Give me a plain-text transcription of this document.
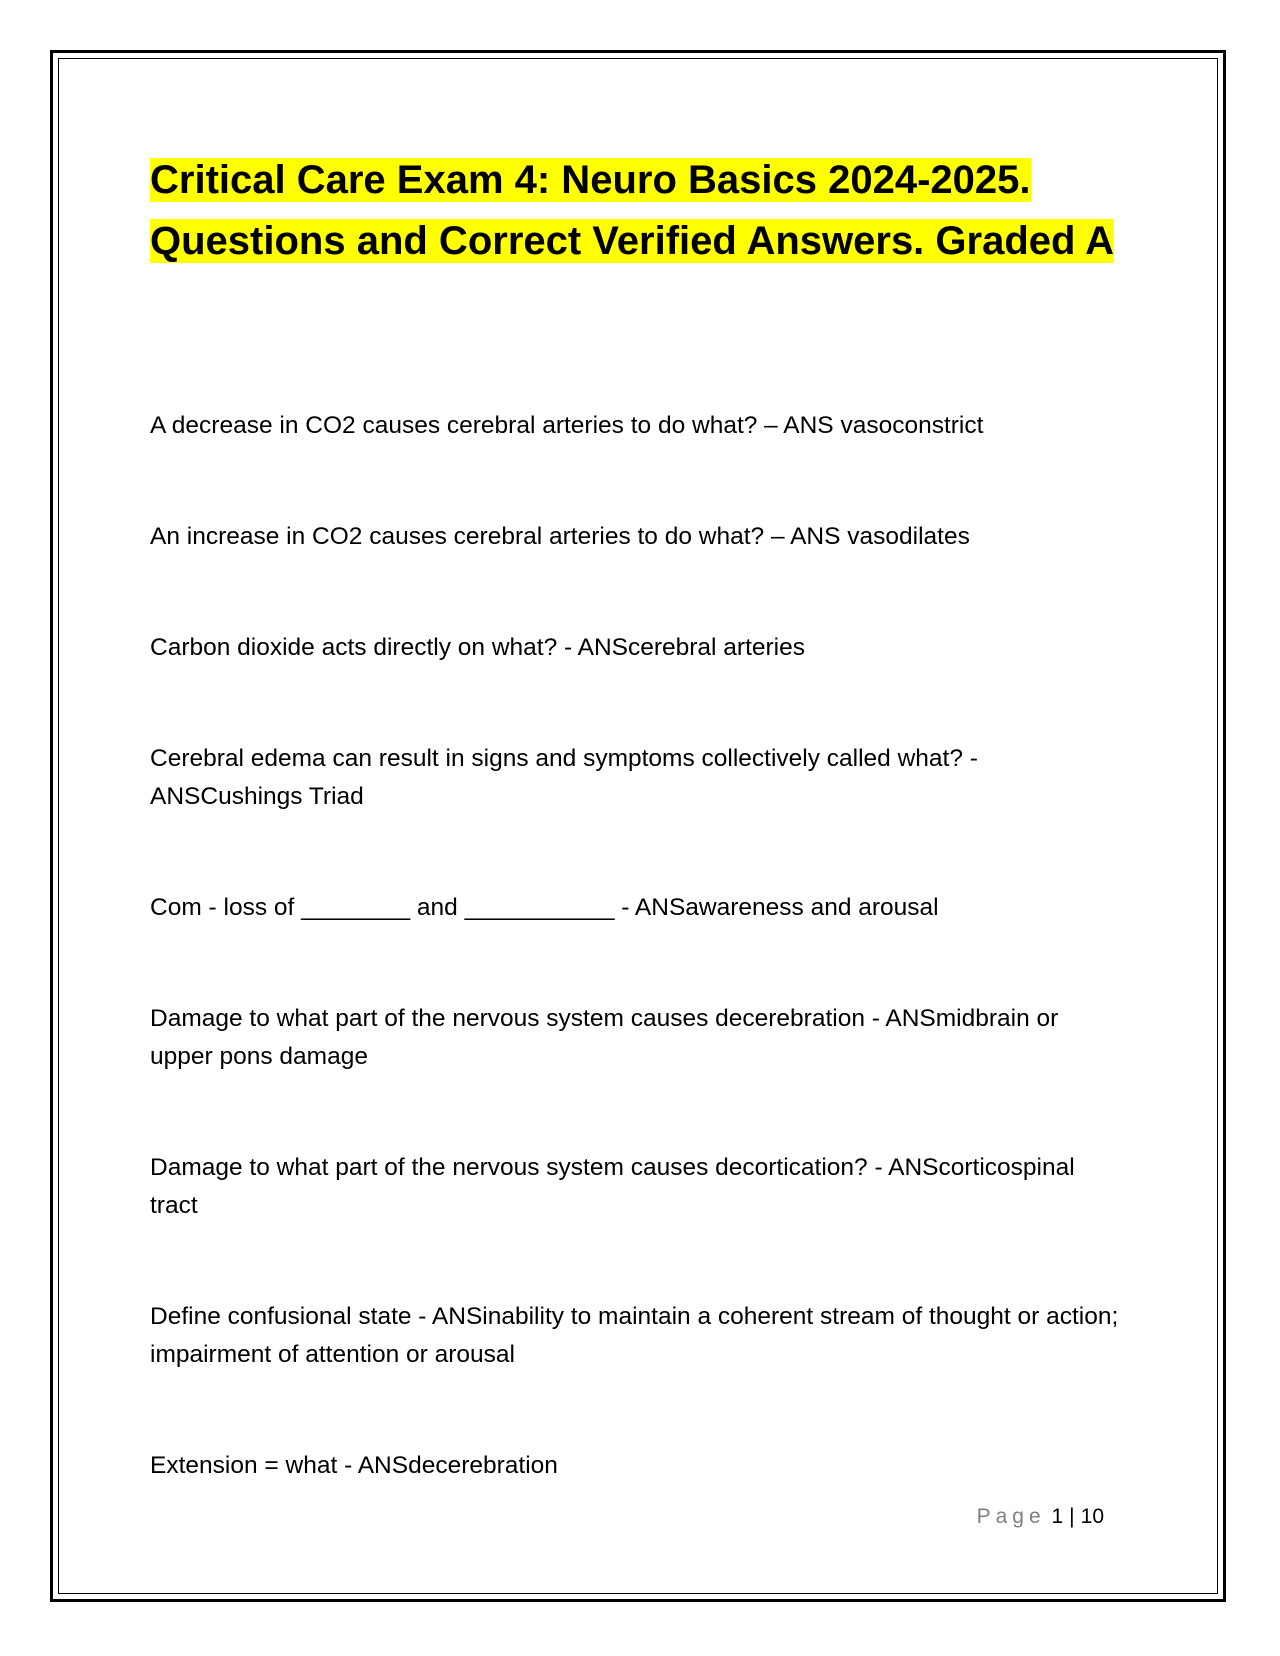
Critical Care Exam 4: Neuro Basics 2024-2025. Questions and Correct Verified Answers. Graded A

A decrease in CO2 causes cerebral arteries to do what? – ANS vasoconstrict

An increase in CO2 causes cerebral arteries to do what? – ANS vasodilates

Carbon dioxide acts directly on what? - ANScerebral arteries

Cerebral edema can result in signs and symptoms collectively called what? - ANSCushings Triad

Com - loss of ________ and ___________ - ANSawareness and arousal

Damage to what part of the nervous system causes decerebration - ANSmidbrain or upper pons damage

Damage to what part of the nervous system causes decortication? - ANScorticospinal tract

Define confusional state - ANSinability to maintain a coherent stream of thought or action; impairment of attention or arousal

Extension = what - ANSdecerebration

Page 1 | 10
